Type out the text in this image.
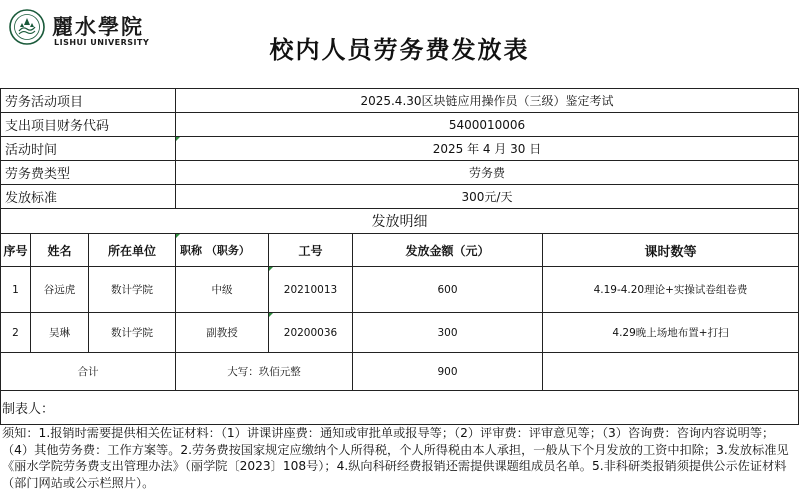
麗水學院
LISHUI UNIVERSITY	校内人员劳务费发放表
劳务活动项目	2025.4.30区块链应用操作员（三级）鉴定考试
支出项目财务代码	5400010006
活动时间	2025 年 4 月 30 日
劳务费类型	劳务费
发放标准	300元/天
发放明细
序号	姓名	所在单位	职称 （职务）	工号	发放金额（元）	课时数等
1	谷远虎	数计学院	中级	20210013	600	4.19-4.20理论+实操试卷组卷费
2	吴琳	数计学院	副教授	20200036	300	4.29晚上场地布置+打扫
合计	大写：玖佰元整	900
制表人：
须知：1.报销时需要提供相关佐证材料：（1）讲课讲座费：通知或审批单或报导等；（2）评审费：评审意见等；（3）咨询费：咨询内容说明等；（4）其他劳务费：工作方案等。2.劳务费按国家规定应缴纳个人所得税，个人所得税由本人承担，一般从下个月发放的工资中扣除；3.发放标准见《丽水学院劳务费支出管理办法》（丽学院〔2023〕108号）；4.纵向科研经费报销还需提供课题组成员名单。5.非科研类报销须提供公示佐证材料（部门网站或公示栏照片）。
